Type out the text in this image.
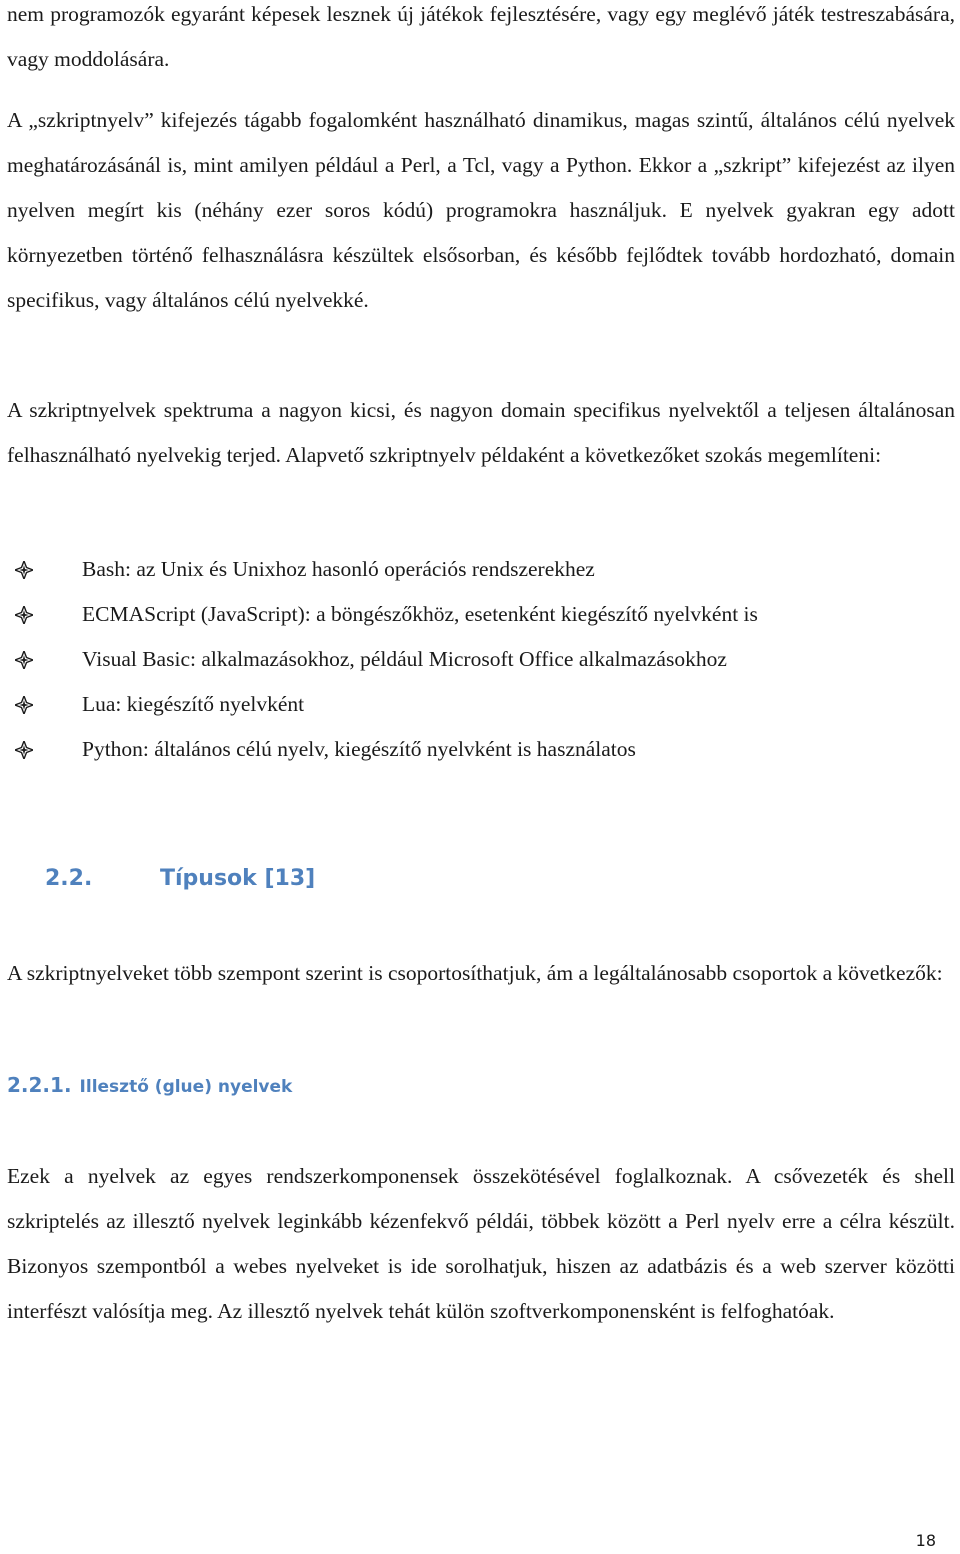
nem programozók egyaránt képesek lesznek új játékok fejlesztésére, vagy egy meglévő játék testreszabására, vagy moddolására.

A „szkriptnyelv” kifejezés tágabb fogalomként használható dinamikus, magas szintű, általános célú nyelvek meghatározásánál is, mint amilyen például a Perl, a Tcl, vagy a Python. Ekkor a „szkript” kifejezést az ilyen nyelven megírt kis (néhány ezer soros kódú) programokra használjuk. E nyelvek gyakran egy adott környezetben történő felhasználásra készültek elsősorban, és később fejlődtek tovább hordozható, domain specifikus, vagy általános célú nyelvekké.

A szkriptnyelvek spektruma a nagyon kicsi, és nagyon domain specifikus nyelvektől a teljesen általánosan felhasználható nyelvekig terjed. Alapvető szkriptnyelv példaként a következőket szokás megemlíteni:

Bash: az Unix és Unixhoz hasonló operációs rendszerekhez
ECMAScript (JavaScript): a böngészőkhöz, esetenként kiegészítő nyelvként is
Visual Basic: alkalmazásokhoz, például Microsoft Office alkalmazásokhoz
Lua: kiegészítő nyelvként
Python: általános célú nyelv, kiegészítő nyelvként is használatos
2.2.	Típusok [13]

A szkriptnyelveket több szempont szerint is csoportosíthatjuk, ám a legáltalánosabb csoportok a következők:

2.2.1. Illesztő (glue) nyelvek

Ezek a nyelvek az egyes rendszerkomponensek összekötésével foglalkoznak. A csővezeték és shell szkriptelés az illesztő nyelvek leginkább kézenfekvő példái, többek között a Perl nyelv erre a célra készült. Bizonyos szempontból a webes nyelveket is ide sorolhatjuk, hiszen az adatbázis és a web szerver közötti interfészt valósítja meg. Az illesztő nyelvek tehát külön szoftverkomponensként is felfoghatóak.

18
